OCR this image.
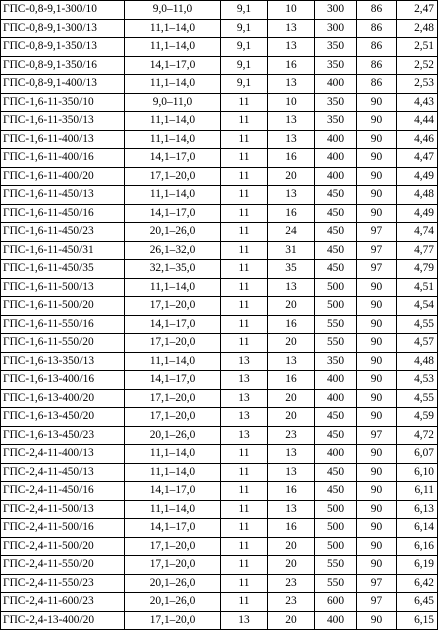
ГПС-0,8-9,1-300/10	9,0–11,0	9,1	10	300	86	2,47
ГПС-0,8-9,1-300/13	11,1–14,0	9,1	13	300	86	2,48
ГПС-0,8-9,1-350/13	11,1–14,0	9,1	13	350	86	2,51
ГПС-0,8-9,1-350/16	14,1–17,0	9,1	16	350	86	2,52
ГПС-0,8-9,1-400/13	11,1–14,0	9,1	13	400	86	2,53
ГПС-1,6-11-350/10	9,0–11,0	11	10	350	90	4,43
ГПС-1,6-11-350/13	11,1–14,0	11	13	350	90	4,44
ГПС-1,6-11-400/13	11,1–14,0	11	13	400	90	4,46
ГПС-1,6-11-400/16	14,1–17,0	11	16	400	90	4,47
ГПС-1,6-11-400/20	17,1–20,0	11	20	400	90	4,49
ГПС-1,6-11-450/13	11,1–14,0	11	13	450	90	4,48
ГПС-1,6-11-450/16	14,1–17,0	11	16	450	90	4,49
ГПС-1,6-11-450/23	20,1–26,0	11	24	450	97	4,74
ГПС-1,6-11-450/31	26,1–32,0	11	31	450	97	4,77
ГПС-1,6-11-450/35	32,1–35,0	11	35	450	97	4,79
ГПС-1,6-11-500/13	11,1–14,0	11	13	500	90	4,51
ГПС-1,6-11-500/20	17,1–20,0	11	20	500	90	4,54
ГПС-1,6-11-550/16	14,1–17,0	11	16	550	90	4,55
ГПС-1,6-11-550/20	17,1–20,0	11	20	550	90	4,57
ГПС-1,6-13-350/13	11,1–14,0	13	13	350	90	4,48
ГПС-1,6-13-400/16	14,1–17,0	13	16	400	90	4,53
ГПС-1,6-13-400/20	17,1–20,0	13	20	400	90	4,55
ГПС-1,6-13-450/20	17,1–20,0	13	20	450	90	4,59
ГПС-1,6-13-450/23	20,1–26,0	13	23	450	97	4,72
ГПС-2,4-11-400/13	11,1–14,0	11	13	400	90	6,07
ГПС-2,4-11-450/13	11,1–14,0	11	13	450	90	6,10
ГПС-2,4-11-450/16	14,1–17,0	11	16	450	90	6,11
ГПС-2,4-11-500/13	11,1–14,0	11	13	500	90	6,13
ГПС-2,4-11-500/16	14,1–17,0	11	16	500	90	6,14
ГПС-2,4-11-500/20	17,1–20,0	11	20	500	90	6,16
ГПС-2,4-11-550/20	17,1–20,0	11	20	550	90	6,19
ГПС-2,4-11-550/23	20,1–26,0	11	23	550	97	6,42
ГПС-2,4-11-600/23	20,1–26,0	11	23	600	97	6,45
ГПС-2,4-13-400/20	17,1–20,0	13	20	400	90	6,15
